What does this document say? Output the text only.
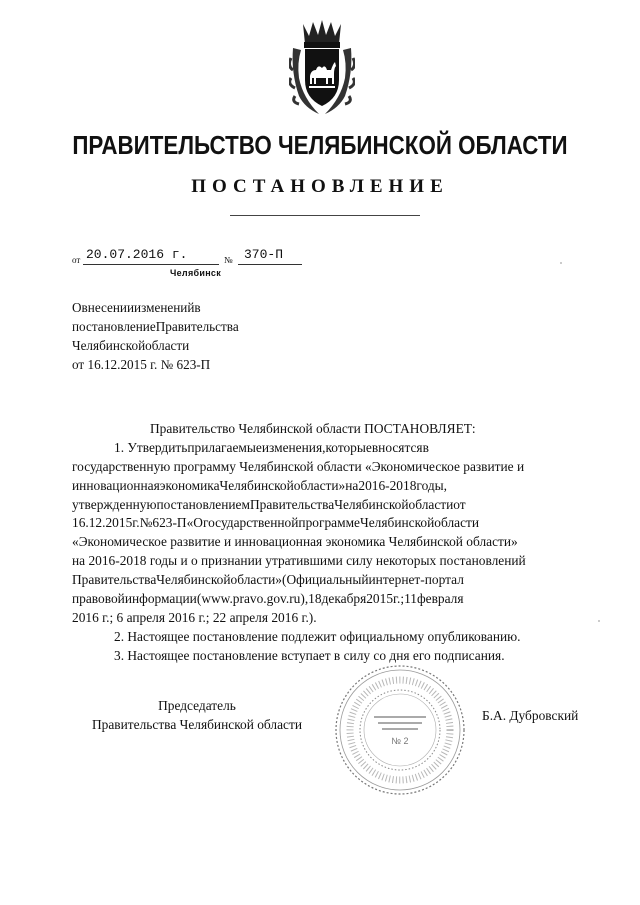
ПРАВИТЕЛЬСТВО ЧЕЛЯБИНСКОЙ ОБЛАСТИ
ПОСТАНОВЛЕНИЕ
от 20.07.2016 г.	№ 370-П
Челябинск
Овнесенииизмененийв
постановлениеПравительства
Челябинскойобласти
от 16.12.2015 г. № 623-П
Правительство Челябинской области ПОСТАНОВЛЯЕТ:
1. Утвердитьприлагаемыеизменения,которыевносятсяв
государственную программу Челябинской области «Экономическое развитие и
инновационнаяэкономикаЧелябинскойобласти»на2016-2018годы,
утвержденнуюпостановлениемПравительстваЧелябинскойобластиот
16.12.2015г.№623-П«ОгосударственнойпрограммеЧелябинскойобласти
«Экономическое развитие и инновационная экономика Челябинской области»
на 2016-2018 годы и о признании утратившими силу некоторых постановлений
ПравительстваЧелябинскойобласти»(Официальныйинтернет-портал
правовойинформации(www.pravo.gov.ru),18декабря2015г.;11февраля
2016 г.; 6 апреля 2016 г.; 22 апреля 2016 г.).
2. Настоящее постановление подлежит официальному опубликованию.
3. Настоящее постановление вступает в силу со дня его подписания.
Председатель
Правительства Челябинской области
№ 2
Б.А. Дубровский
